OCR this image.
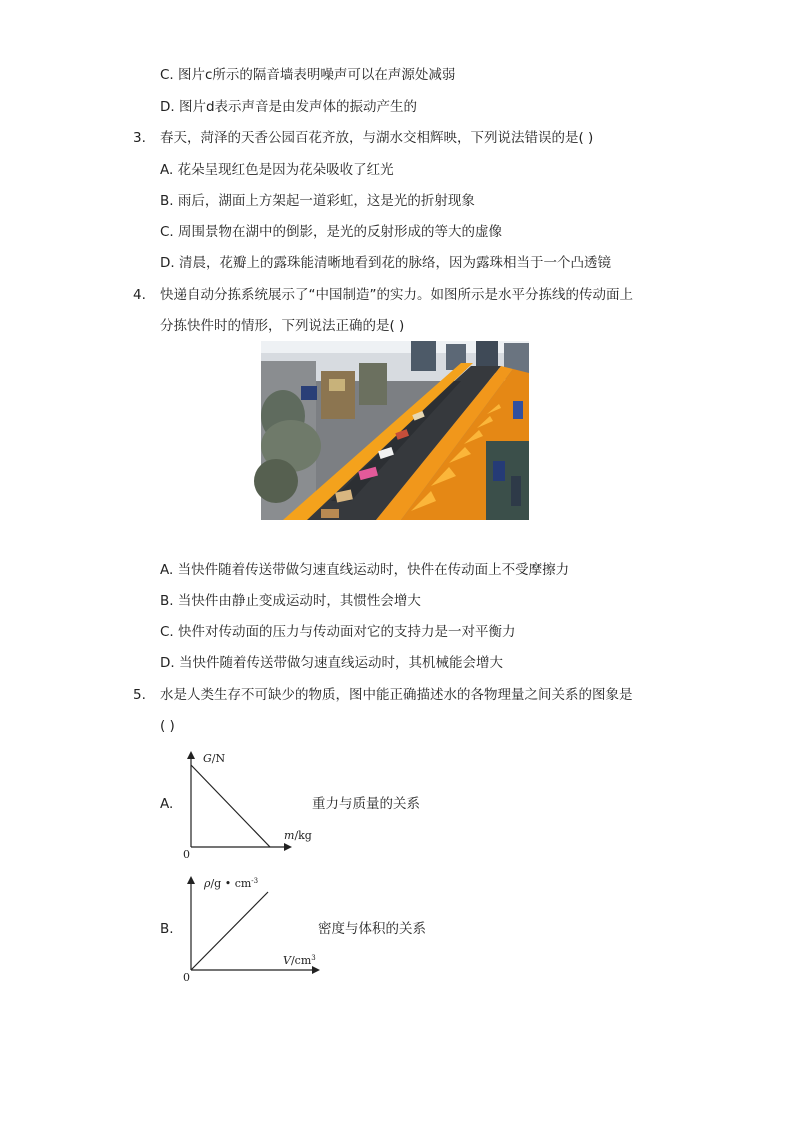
C. 图片c所示的隔音墙表明噪声可以在声源处减弱
D. 图片d表示声音是由发声体的振动产生的
3. 春天，菏泽的天香公园百花齐放，与湖水交相辉映，下列说法错误的是( )
A. 花朵呈现红色是因为花朵吸收了红光
B. 雨后，湖面上方架起一道彩虹，这是光的折射现象
C. 周围景物在湖中的倒影，是光的反射形成的等大的虚像
D. 清晨，花瓣上的露珠能清晰地看到花的脉络，因为露珠相当于一个凸透镜
4. 快递自动分拣系统展示了“中国制造”的实力。如图所示是水平分拣线的传动面上
分拣快件时的情形，下列说法正确的是( )
A. 当快件随着传送带做匀速直线运动时，快件在传动面上不受摩擦力
B. 当快件由静止变成运动时，其惯性会增大
C. 快件对传动面的压力与传动面对它的支持力是一对平衡力
D. 当快件随着传送带做匀速直线运动时，其机械能会增大
5. 水是人类生存不可缺少的物质，图中能正确描述水的各物理量之间关系的图象是
( )
A.
G/N
m/kg
0
重力与质量的关系
B.
ρ/g • $cm^{-3}$
$V/cm^3$
0
密度与体积的关系
